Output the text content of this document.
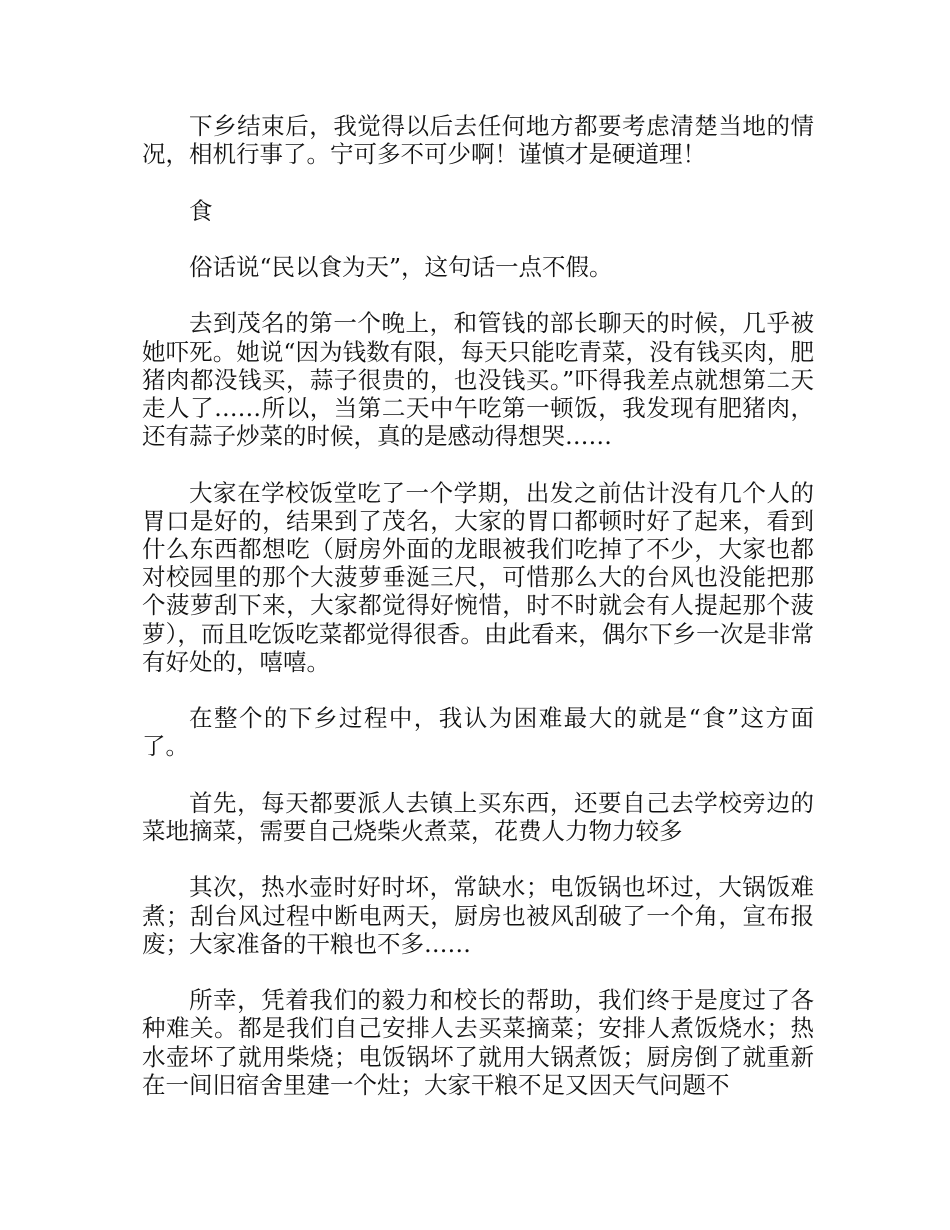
下乡结束后，我觉得以后去任何地方都要考虑清楚当地的情况，相机行事了。宁可多不可少啊！谨慎才是硬道理！

食

俗话说“民以食为天”，这句话一点不假。

去到茂名的第一个晚上，和管钱的部长聊天的时候，几乎被她吓死。她说“因为钱数有限，每天只能吃青菜，没有钱买肉，肥猪肉都没钱买，蒜子很贵的，也没钱买。”吓得我差点就想第二天走人了……所以，当第二天中午吃第一顿饭，我发现有肥猪肉，还有蒜子炒菜的时候，真的是感动得想哭……

大家在学校饭堂吃了一个学期，出发之前估计没有几个人的胃口是好的，结果到了茂名，大家的胃口都顿时好了起来，看到什么东西都想吃（厨房外面的龙眼被我们吃掉了不少，大家也都对校园里的那个大菠萝垂涎三尺，可惜那么大的台风也没能把那个菠萝刮下来，大家都觉得好惋惜，时不时就会有人提起那个菠萝），而且吃饭吃菜都觉得很香。由此看来，偶尔下乡一次是非常有好处的，嘻嘻。

在整个的下乡过程中，我认为困难最大的就是“食”这方面了。

首先，每天都要派人去镇上买东西，还要自己去学校旁边的菜地摘菜，需要自己烧柴火煮菜，花费人力物力较多

其次，热水壶时好时坏，常缺水；电饭锅也坏过，大锅饭难煮；刮台风过程中断电两天，厨房也被风刮破了一个角，宣布报废；大家准备的干粮也不多……

所幸，凭着我们的毅力和校长的帮助，我们终于是度过了各种难关。都是我们自己安排人去买菜摘菜；安排人煮饭烧水；热水壶坏了就用柴烧；电饭锅坏了就用大锅煮饭；厨房倒了就重新在一间旧宿舍里建一个灶；大家干粮不足又因天气问题不
